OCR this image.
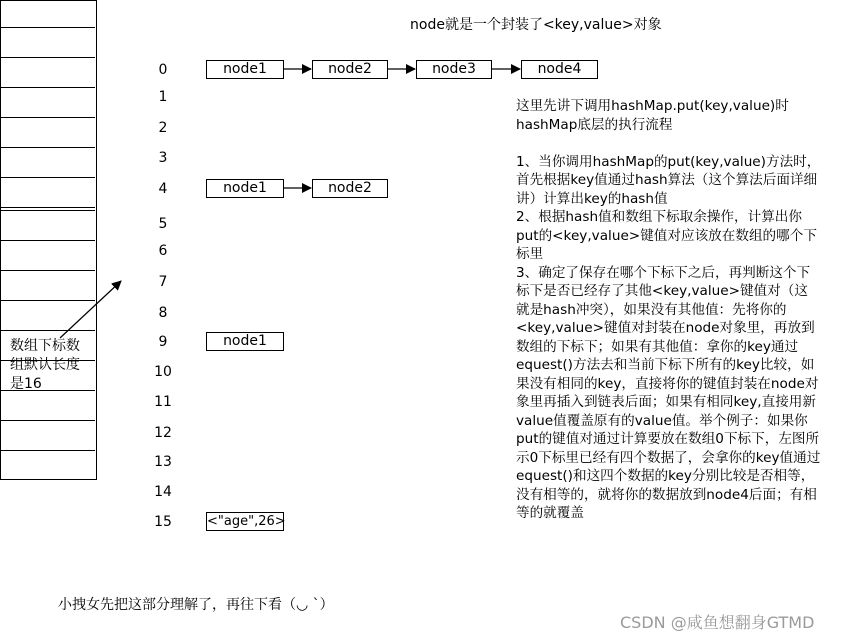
node就是一个封装了<key,value>对象
0
1
2
3
4
5
6
7
8
9
10
11
12
13
14
15
node1	node2	node3	node4
node1	node2
node1
<"age",26>
数组下标数组默认长度是16

这里先讲下调用hashMap.put(key,value)时hashMap底层的执行流程

1、当你调用hashMap的put(key,value)方法时，首先根据key值通过hash算法（这个算法后面详细讲）计算出key的hash值

2、根据hash值和数组下标取余操作，计算出你put的<key,value>键值对应该放在数组的哪个下标里

3、确定了保存在哪个下标下之后，再判断这个下标下是否已经存了其他<key,value>键值对（这就是hash冲突），如果没有其他值：先将你的<key,value>键值对封装在node对象里，再放到数组的下标下；如果有其他值：拿你的key通过equest()方法去和当前下标下所有的key比较，如果没有相同的key，直接将你的键值封装在node对象里再插入到链表后面；如果有相同key,直接用新value值覆盖原有的value值。举个例子：如果你put的键值对通过计算要放在数组0下标下，左图所示0下标里已经有四个数据了，会拿你的key值通过equest()和这四个数据的key分别比较是否相等，没有相等的，就将你的数据放到node4后面；有相等的就覆盖

小拽女先把这部分理解了，再往下看（◡ ˋ）
CSDN @咸鱼想翻身GTMD
